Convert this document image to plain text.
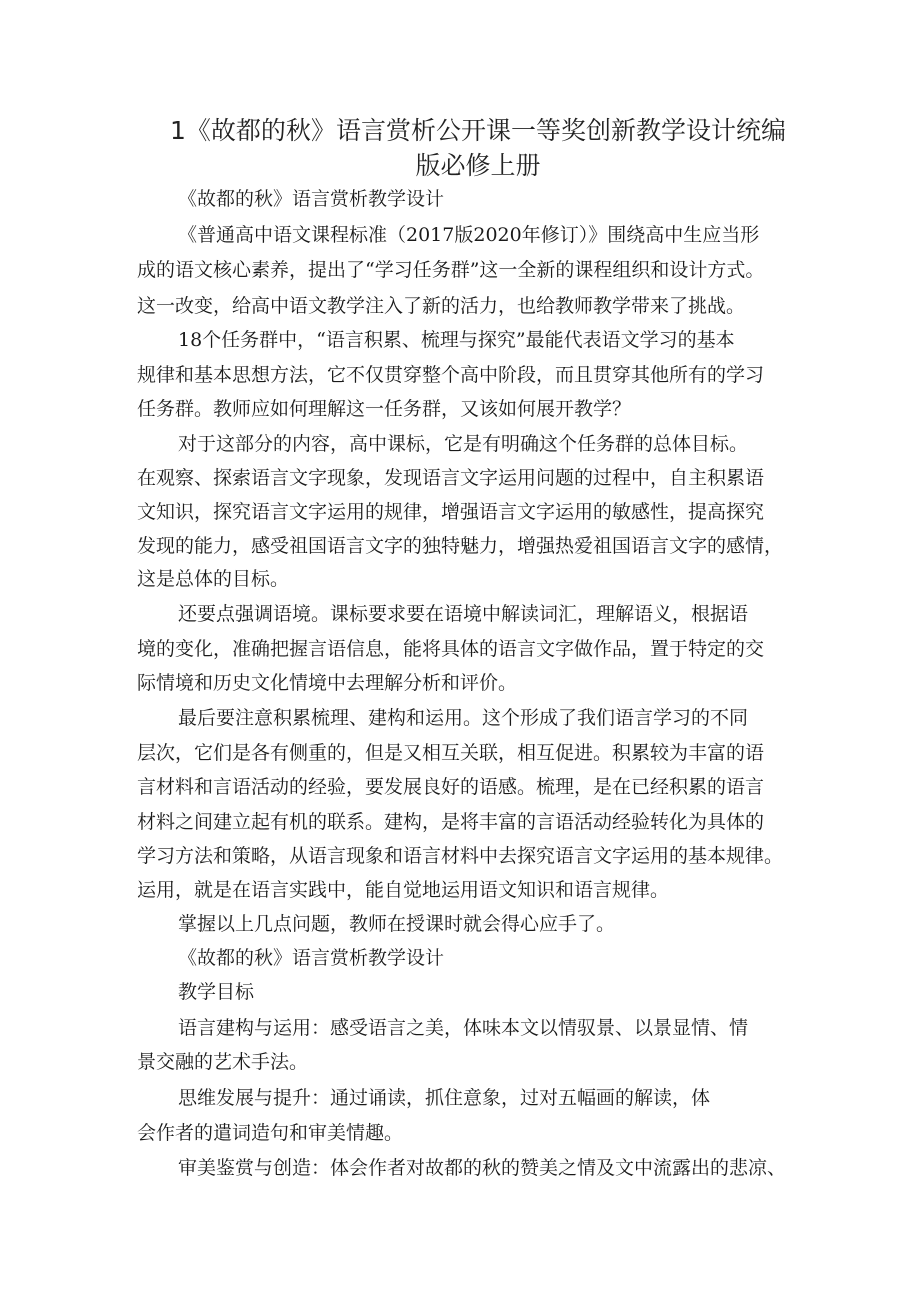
1《故都的秋》语言赏析公开课一等奖创新教学设计统编
版必修上册
《故都的秋》语言赏析教学设计
《普通高中语文课程标准（2017版2020年修订）》围绕高中生应当形
成的语文核心素养，提出了“学习任务群”这一全新的课程组织和设计方式。
这一改变，给高中语文教学注入了新的活力，也给教师教学带来了挑战。
18个任务群中，“语言积累、梳理与探究”最能代表语文学习的基本
规律和基本思想方法，它不仅贯穿整个高中阶段，而且贯穿其他所有的学习
任务群。教师应如何理解这一任务群，又该如何展开教学？
对于这部分的内容，高中课标，它是有明确这个任务群的总体目标。
在观察、探索语言文字现象，发现语言文字运用问题的过程中，自主积累语
文知识，探究语言文字运用的规律，增强语言文字运用的敏感性，提高探究
发现的能力，感受祖国语言文字的独特魅力，增强热爱祖国语言文字的感情，
这是总体的目标。
还要点强调语境。课标要求要在语境中解读词汇，理解语义，根据语
境的变化，准确把握言语信息，能将具体的语言文字做作品，置于特定的交
际情境和历史文化情境中去理解分析和评价。
最后要注意积累梳理、建构和运用。这个形成了我们语言学习的不同
层次，它们是各有侧重的，但是又相互关联，相互促进。积累较为丰富的语
言材料和言语活动的经验，要发展良好的语感。梳理，是在已经积累的语言
材料之间建立起有机的联系。建构，是将丰富的言语活动经验转化为具体的
学习方法和策略，从语言现象和语言材料中去探究语言文字运用的基本规律。
运用，就是在语言实践中，能自觉地运用语文知识和语言规律。
掌握以上几点问题，教师在授课时就会得心应手了。
《故都的秋》语言赏析教学设计
教学目标
语言建构与运用：感受语言之美，体味本文以情驭景、以景显情、情
景交融的艺术手法。
思维发展与提升：通过诵读，抓住意象，过对五幅画的解读，体
会作者的遣词造句和审美情趣。
审美鉴赏与创造：体会作者对故都的秋的赞美之情及文中流露出的悲凉、
